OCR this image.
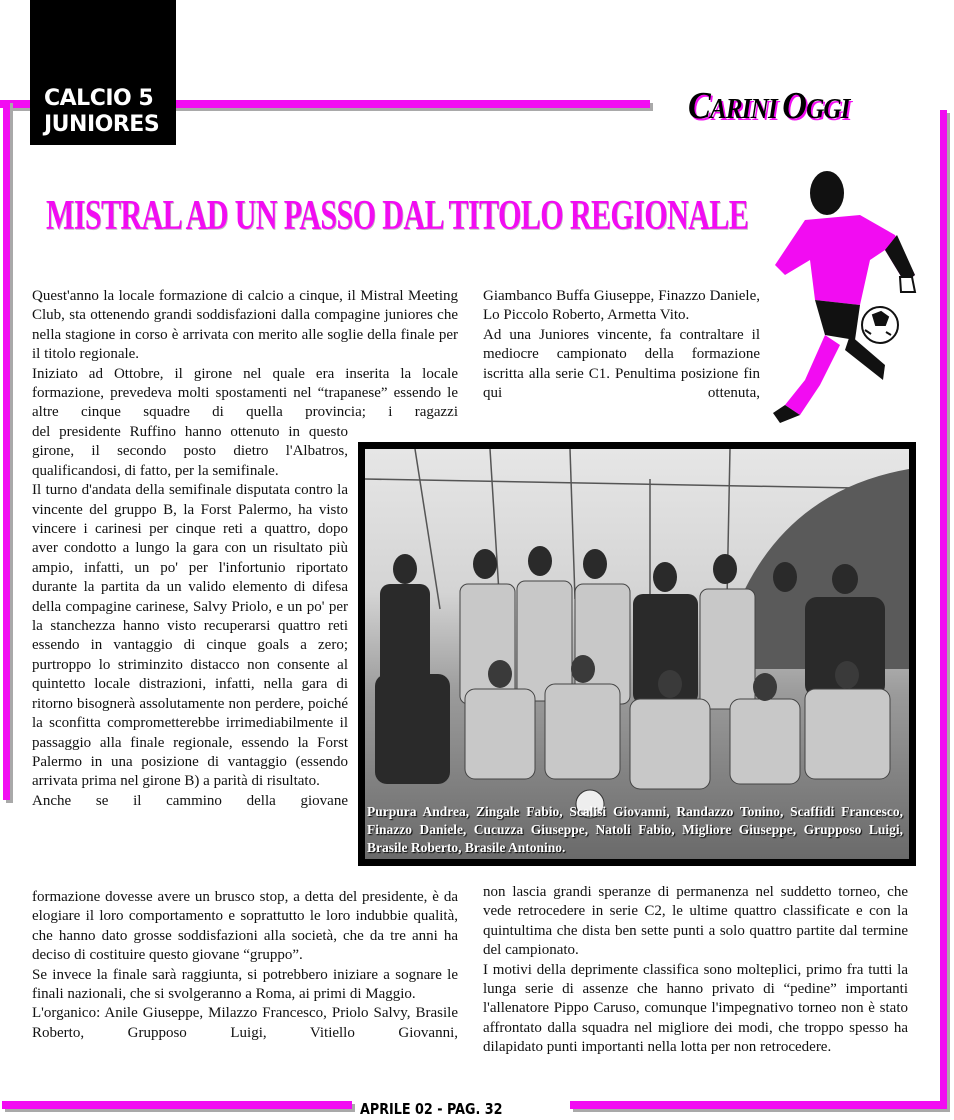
CALCIO 5
JUNIORES	CARINI OGGI
MISTRAL AD UN PASSO DAL TITOLO REGIONALE

Quest'anno la locale formazione di calcio a cinque, il Mistral Meeting Club, sta ottenendo grandi soddisfazioni dalla compagine juniores che nella stagione in corso è arrivata con merito alle soglie della finale per il titolo regionale.

Iniziato ad Ottobre, il girone nel quale era inserita la locale formazione, prevedeva molti spostamenti nel “trapanese” essendo le altre cinque squadre di quella provincia; i ragazzi

del presidente Ruffino hanno ottenuto in questo girone, il secondo posto dietro l'Albatros, qualificandosi, di fatto, per la semifinale.

Il turno d'andata della semifinale disputata contro la vincente del gruppo B, la Forst Palermo, ha visto vincere i carinesi per cinque reti a quattro, dopo aver condotto a lungo la gara con un risultato più ampio, infatti, un po' per l'infortunio riportato durante la partita da un valido elemento di difesa della compagine carinese, Salvy Priolo, e un po' per la stanchezza hanno visto recuperarsi quattro reti essendo in vantaggio di cinque goals a zero; purtroppo lo striminzito distacco non consente al quintetto locale distrazioni, infatti, nella gara di ritorno bisognerà assolutamente non perdere, poiché la sconfitta comprometterebbe irrimediabilmente il passaggio alla finale regionale, essendo la Forst Palermo in una posizione di vantaggio (essendo arrivata prima nel girone B) a parità di risultato.

Anche se il cammino della giovane

formazione dovesse avere un brusco stop, a detta del presidente, è da elogiare il loro comportamento e soprattutto le loro indubbie qualità, che hanno dato grosse soddisfazioni alla società, che da tre anni ha deciso di costituire questo giovane “gruppo”.

Se invece la finale sarà raggiunta, si potrebbero iniziare a sognare le finali nazionali, che si svolgeranno a Roma, ai primi di Maggio.

L'organico: Anile Giuseppe, Milazzo Francesco, Priolo Salvy, Brasile Roberto, Grupposo Luigi, Vitiello Giovanni,

Giambanco Buffa Giuseppe, Finazzo Daniele, Lo Piccolo Roberto, Armetta Vito.

Ad una Juniores vincente, fa contraltare il mediocre campionato della formazione iscritta alla serie C1. Penultima posizione fin qui ottenuta,

non lascia grandi speranze di permanenza nel suddetto torneo, che vede retrocedere in serie C2, le ultime quattro classificate e con la quintultima che dista ben sette punti a solo quattro partite dal termine del campionato.

I motivi della deprimente classifica sono molteplici, primo fra tutti la lunga serie di assenze che hanno privato di “pedine” importanti l'allenatore Pippo Caruso, comunque l'impegnativo torneo non è stato affrontato dalla squadra nel migliore dei modi, che troppo spesso ha dilapidato punti importanti nella lotta per non retrocedere.

Purpura Andrea, Zingale Fabio, Scalisi Giovanni, Randazzo Tonino, Scaffidi Francesco, Finazzo Daniele, Cucuzza Giuseppe, Natoli Fabio, Migliore Giuseppe, Grupposo Luigi, Brasile Roberto, Brasile Antonino.
APRILE 02 - PAG. 32
